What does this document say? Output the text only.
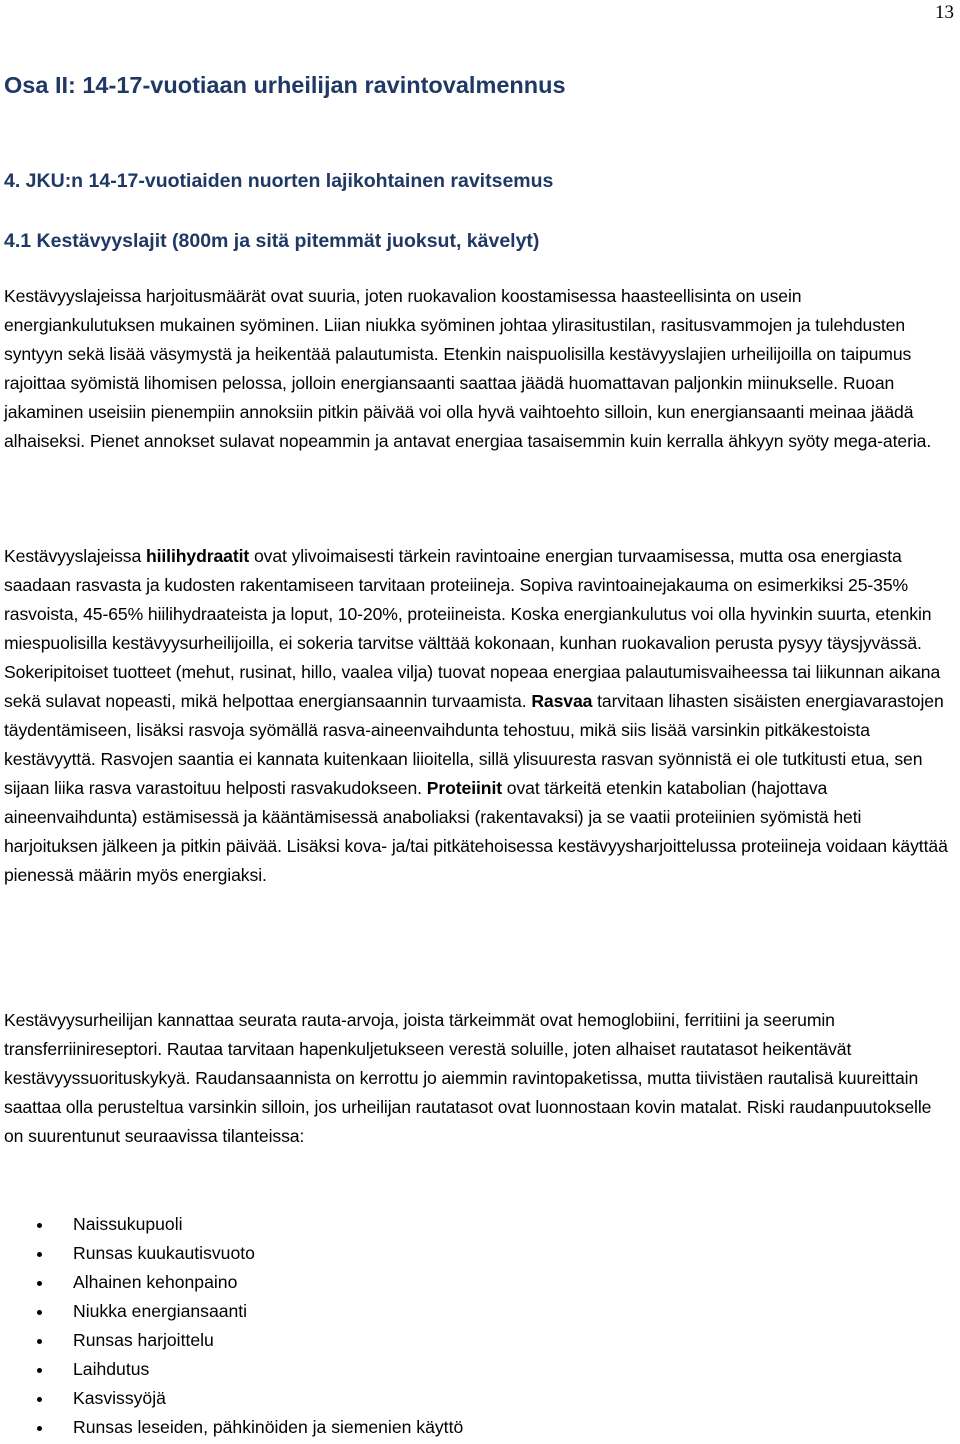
13
Osa II: 14-17-vuotiaan urheilijan ravintovalmennus
4. JKU:n 14-17-vuotiaiden nuorten lajikohtainen ravitsemus
4.1 Kestävyyslajit (800m ja sitä pitemmät juoksut, kävelyt)

Kestävyyslajeissa harjoitusmäärät ovat suuria, joten ruokavalion koostamisessa haasteellisinta on usein energiankulutuksen mukainen syöminen. Liian niukka syöminen johtaa ylirasitustilan, rasitusvammojen ja tulehdusten syntyyn sekä lisää väsymystä ja heikentää palautumista. Etenkin naispuolisilla kestävyyslajien urheilijoilla on taipumus rajoittaa syömistä lihomisen pelossa, jolloin energiansaanti saattaa jäädä huomattavan paljonkin miinukselle. Ruoan jakaminen useisiin pienempiin annoksiin pitkin päivää voi olla hyvä vaihtoehto silloin, kun energiansaanti meinaa jäädä alhaiseksi. Pienet annokset sulavat nopeammin ja antavat energiaa tasaisemmin kuin kerralla ähkyyn syöty mega-ateria.

Kestävyyslajeissa hiilihydraatit ovat ylivoimaisesti tärkein ravintoaine energian turvaamisessa, mutta osa energiasta saadaan rasvasta ja kudosten rakentamiseen tarvitaan proteiineja. Sopiva ravintoainejakauma on esimerkiksi 25-35% rasvoista, 45-65% hiilihydraateista ja loput, 10-20%, proteiineista. Koska energiankulutus voi olla hyvinkin suurta, etenkin miespuolisilla kestävyysurheilijoilla, ei sokeria tarvitse välttää kokonaan, kunhan ruokavalion perusta pysyy täysjyvässä. Sokeripitoiset tuotteet (mehut, rusinat, hillo, vaalea vilja) tuovat nopeaa energiaa palautumisvaiheessa tai liikunnan aikana sekä sulavat nopeasti, mikä helpottaa energiansaannin turvaamista. Rasvaa tarvitaan lihasten sisäisten energiavarastojen täydentämiseen, lisäksi rasvoja syömällä rasva-aineenvaihdunta tehostuu, mikä siis lisää varsinkin pitkäkestoista kestävyyttä. Rasvojen saantia ei kannata kuitenkaan liioitella, sillä ylisuuresta rasvan syönnistä ei ole tutkitusti etua, sen sijaan liika rasva varastoituu helposti rasvakudokseen. Proteiinit ovat tärkeitä etenkin katabolian (hajottava aineenvaihdunta) estämisessä ja kääntämisessä anaboliaksi (rakentavaksi) ja se vaatii proteiinien syömistä heti harjoituksen jälkeen ja pitkin päivää. Lisäksi kova- ja/tai pitkätehoisessa kestävyysharjoittelussa proteiineja voidaan käyttää pienessä määrin myös energiaksi.

Kestävyysurheilijan kannattaa seurata rauta-arvoja, joista tärkeimmät ovat hemoglobiini, ferritiini ja seerumin transferriinireseptori. Rautaa tarvitaan hapenkuljetukseen verestä soluille, joten alhaiset rautatasot heikentävät kestävyyssuorituskykyä. Raudansaannista on kerrottu jo aiemmin ravintopaketissa, mutta tiivistäen rautalisä kuureittain saattaa olla perusteltua varsinkin silloin, jos urheilijan rautatasot ovat luonnostaan kovin matalat. Riski raudanpuutokselle on suurentunut seuraavissa tilanteissa:

Naissukupuoli
Runsas kuukautisvuoto
Alhainen kehonpaino
Niukka energiansaanti
Runsas harjoittelu
Laihdutus
Kasvissyöjä
Runsas leseiden, pähkinöiden ja siemenien käyttö
